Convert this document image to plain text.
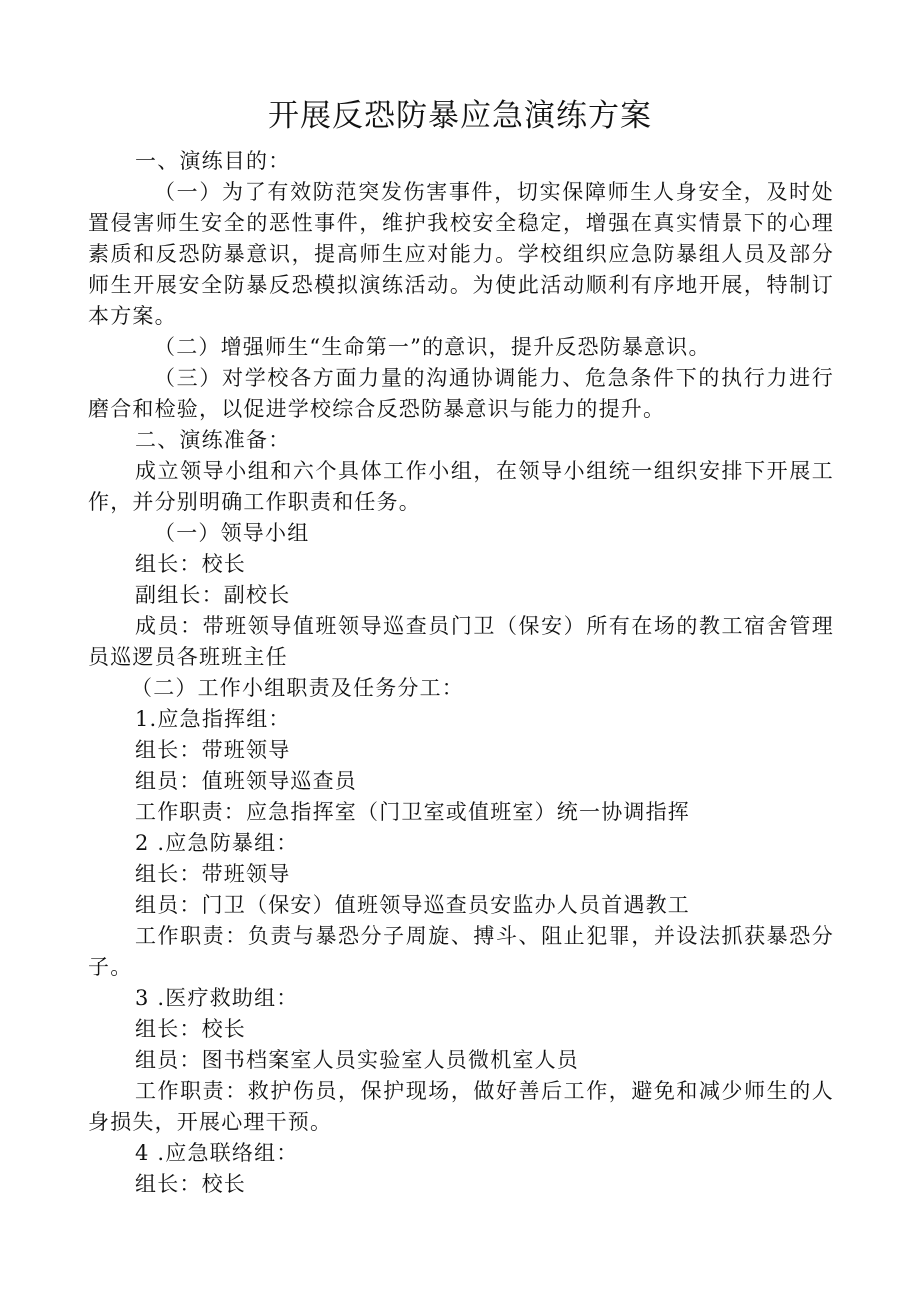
开展反恐防暴应急演练方案

一、演练目的：

（一）为了有效防范突发伤害事件，切实保障师生人身安全，及时处置侵害师生安全的恶性事件，维护我校安全稳定，增强在真实情景下的心理素质和反恐防暴意识，提高师生应对能力。学校组织应急防暴组人员及部分师生开展安全防暴反恐模拟演练活动。为使此活动顺利有序地开展，特制订本方案。

（二）增强师生“生命第一”的意识，提升反恐防暴意识。

（三）对学校各方面力量的沟通协调能力、危急条件下的执行力进行磨合和检验，以促进学校综合反恐防暴意识与能力的提升。

二、演练准备：

成立领导小组和六个具体工作小组，在领导小组统一组织安排下开展工作，并分别明确工作职责和任务。

（一）领导小组

组长：校长

副组长：副校长

成员：带班领导值班领导巡查员门卫（保安）所有在场的教工宿舍管理员巡逻员各班班主任

（二）工作小组职责及任务分工：

1.应急指挥组：

组长：带班领导

组员：值班领导巡查员

工作职责：应急指挥室（门卫室或值班室）统一协调指挥

2 .应急防暴组：

组长：带班领导

组员：门卫（保安）值班领导巡查员安监办人员首遇教工

工作职责：负责与暴恐分子周旋、搏斗、阻止犯罪，并设法抓获暴恐分子。

3 .医疗救助组：

组长：校长

组员：图书档案室人员实验室人员微机室人员

工作职责：救护伤员，保护现场，做好善后工作，避免和减少师生的人身损失，开展心理干预。

4 .应急联络组：

组长：校长
